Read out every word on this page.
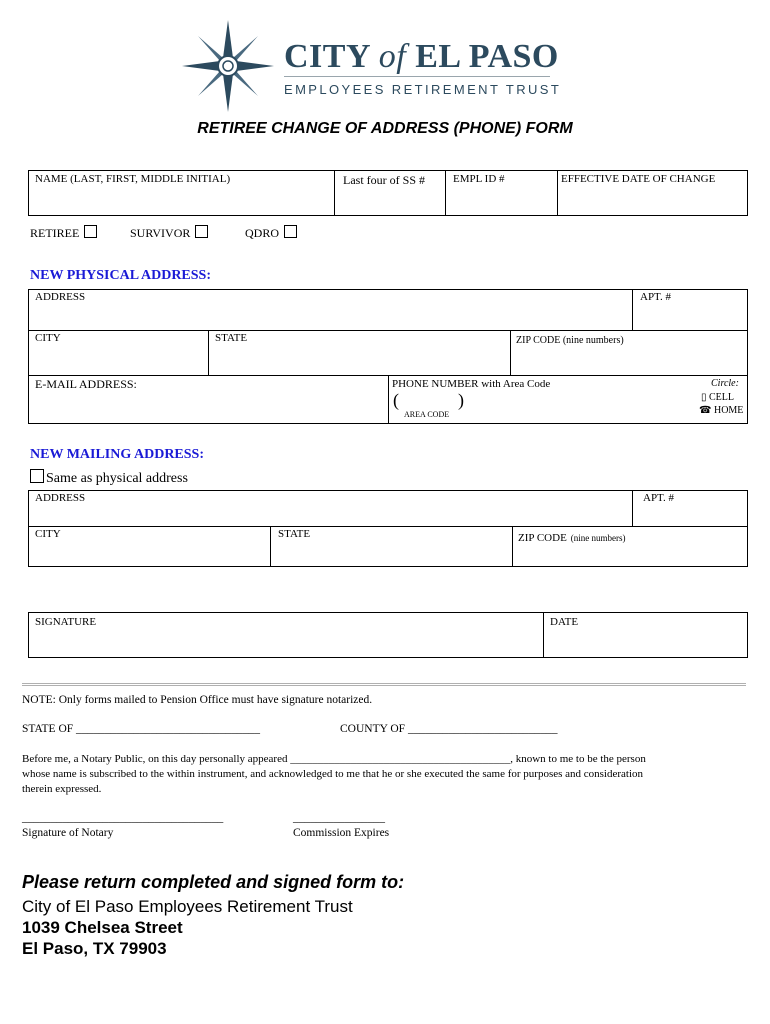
CITY of EL PASO
EMPLOYEES RETIREMENT TRUST
RETIREE CHANGE OF ADDRESS (PHONE) FORM
NAME (LAST, FIRST, MIDDLE INITIAL)	Last four of SS #	EMPL ID #	EFFECTIVE DATE OF CHANGE
RETIREE	SURVIVOR	QDRO
NEW PHYSICAL ADDRESS:
ADDRESS	APT. #
CITY	STATE	ZIP CODE (nine numbers)
E-MAIL ADDRESS:	PHONE NUMBER with Area Code
(	)
AREA CODE
Circle:
▯ CELL
☎ HOME
NEW MAILING ADDRESS:
Same as physical address
ADDRESS	APT. #
CITY	STATE	ZIP CODE (nine numbers)
SIGNATURE	DATE
NOTE: Only forms mailed to Pension Office must have signature notarized.
STATE OF ________________________________	COUNTY OF __________________________
Before me, a Notary Public, on this day personally appeared ________________________________________, known to me to be the person
whose name is subscribed to the within instrument, and acknowledged to me that he or she executed the same for purposes and consideration
therein expressed.
___________________________________	________________
Signature of Notary	Commission Expires
Please return completed and signed form to:
City of El Paso Employees Retirement Trust
1039 Chelsea Street
El Paso, TX 79903
